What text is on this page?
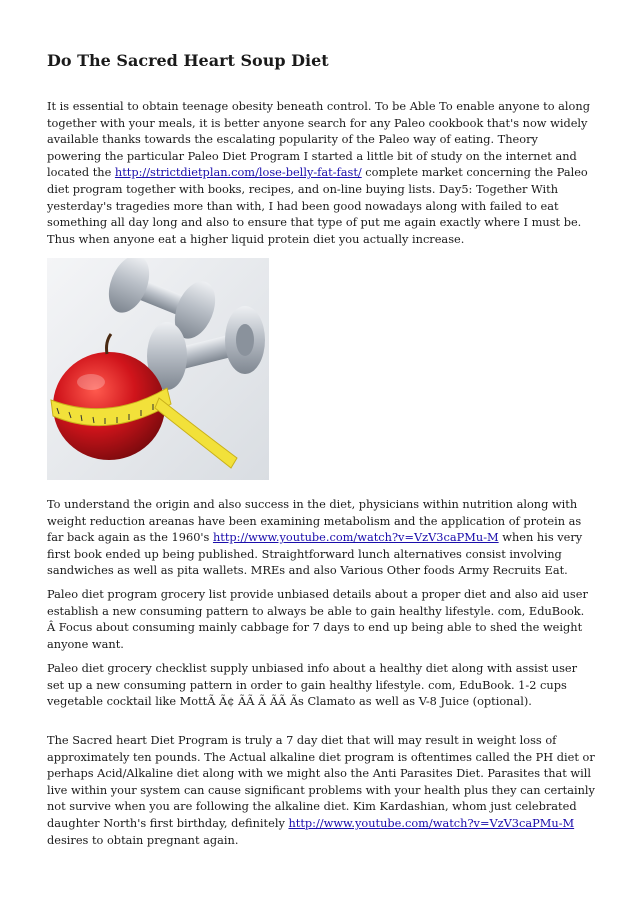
Do The Sacred Heart Soup Diet

It is essential to obtain teenage obesity beneath control. To be Able To enable anyone to along together with your meals, it is better anyone search for any Paleo cookbook that's now widely available thanks towards the escalating popularity of the Paleo way of eating. Theory powering the particular Paleo Diet Program I started a little bit of study on the internet and located the http://strictdietplan.com/lose-belly-fat-fast/ complete market concerning the Paleo diet program together with books, recipes, and on-line buying lists. Day5: Together With yesterday's tragedies more than with, I had been good nowadays along with failed to eat something all day long and also to ensure that type of put me again exactly where I must be. Thus when anyone eat a higher liquid protein diet you actually increase.

To understand the origin and also success in the diet, physicians within nutrition along with weight reduction areanas have been examining metabolism and the application of protein as far back again as the 1960's http://www.youtube.com/watch?v=VzV3caPMu-M when his very first book ended up being published. Straightforward lunch alternatives consist involving sandwiches as well as pita wallets. MREs and also Various Other foods Army Recruits Eat.

Paleo diet program grocery list provide unbiased details about a proper diet and also aid user establish a new consuming pattern to always be able to gain healthy lifestyle. com, EduBook. Â Focus about consuming mainly cabbage for 7 days to end up being able to shed the weight anyone want.

Paleo diet grocery checklist supply unbiased info about a healthy diet along with assist user set up a new consuming pattern in order to gain healthy lifestyle. com, EduBook. 1-2 cups vegetable cocktail like MottÃ Ã¢ ÃÃ Ã ÃÃ Ãs Clamato as well as V-8 Juice (optional).

The Sacred heart Diet Program is truly a 7 day diet that will may result in weight loss of approximately ten pounds. The Actual alkaline diet program is oftentimes called the PH diet or perhaps Acid/Alkaline diet along with we might also the Anti Parasites Diet. Parasites that will live within your system can cause significant problems with your health plus they can certainly not survive when you are following the alkaline diet. Kim Kardashian, whom just celebrated daughter North's first birthday, definitely http://www.youtube.com/watch?v=VzV3caPMu-M desires to obtain pregnant again.
